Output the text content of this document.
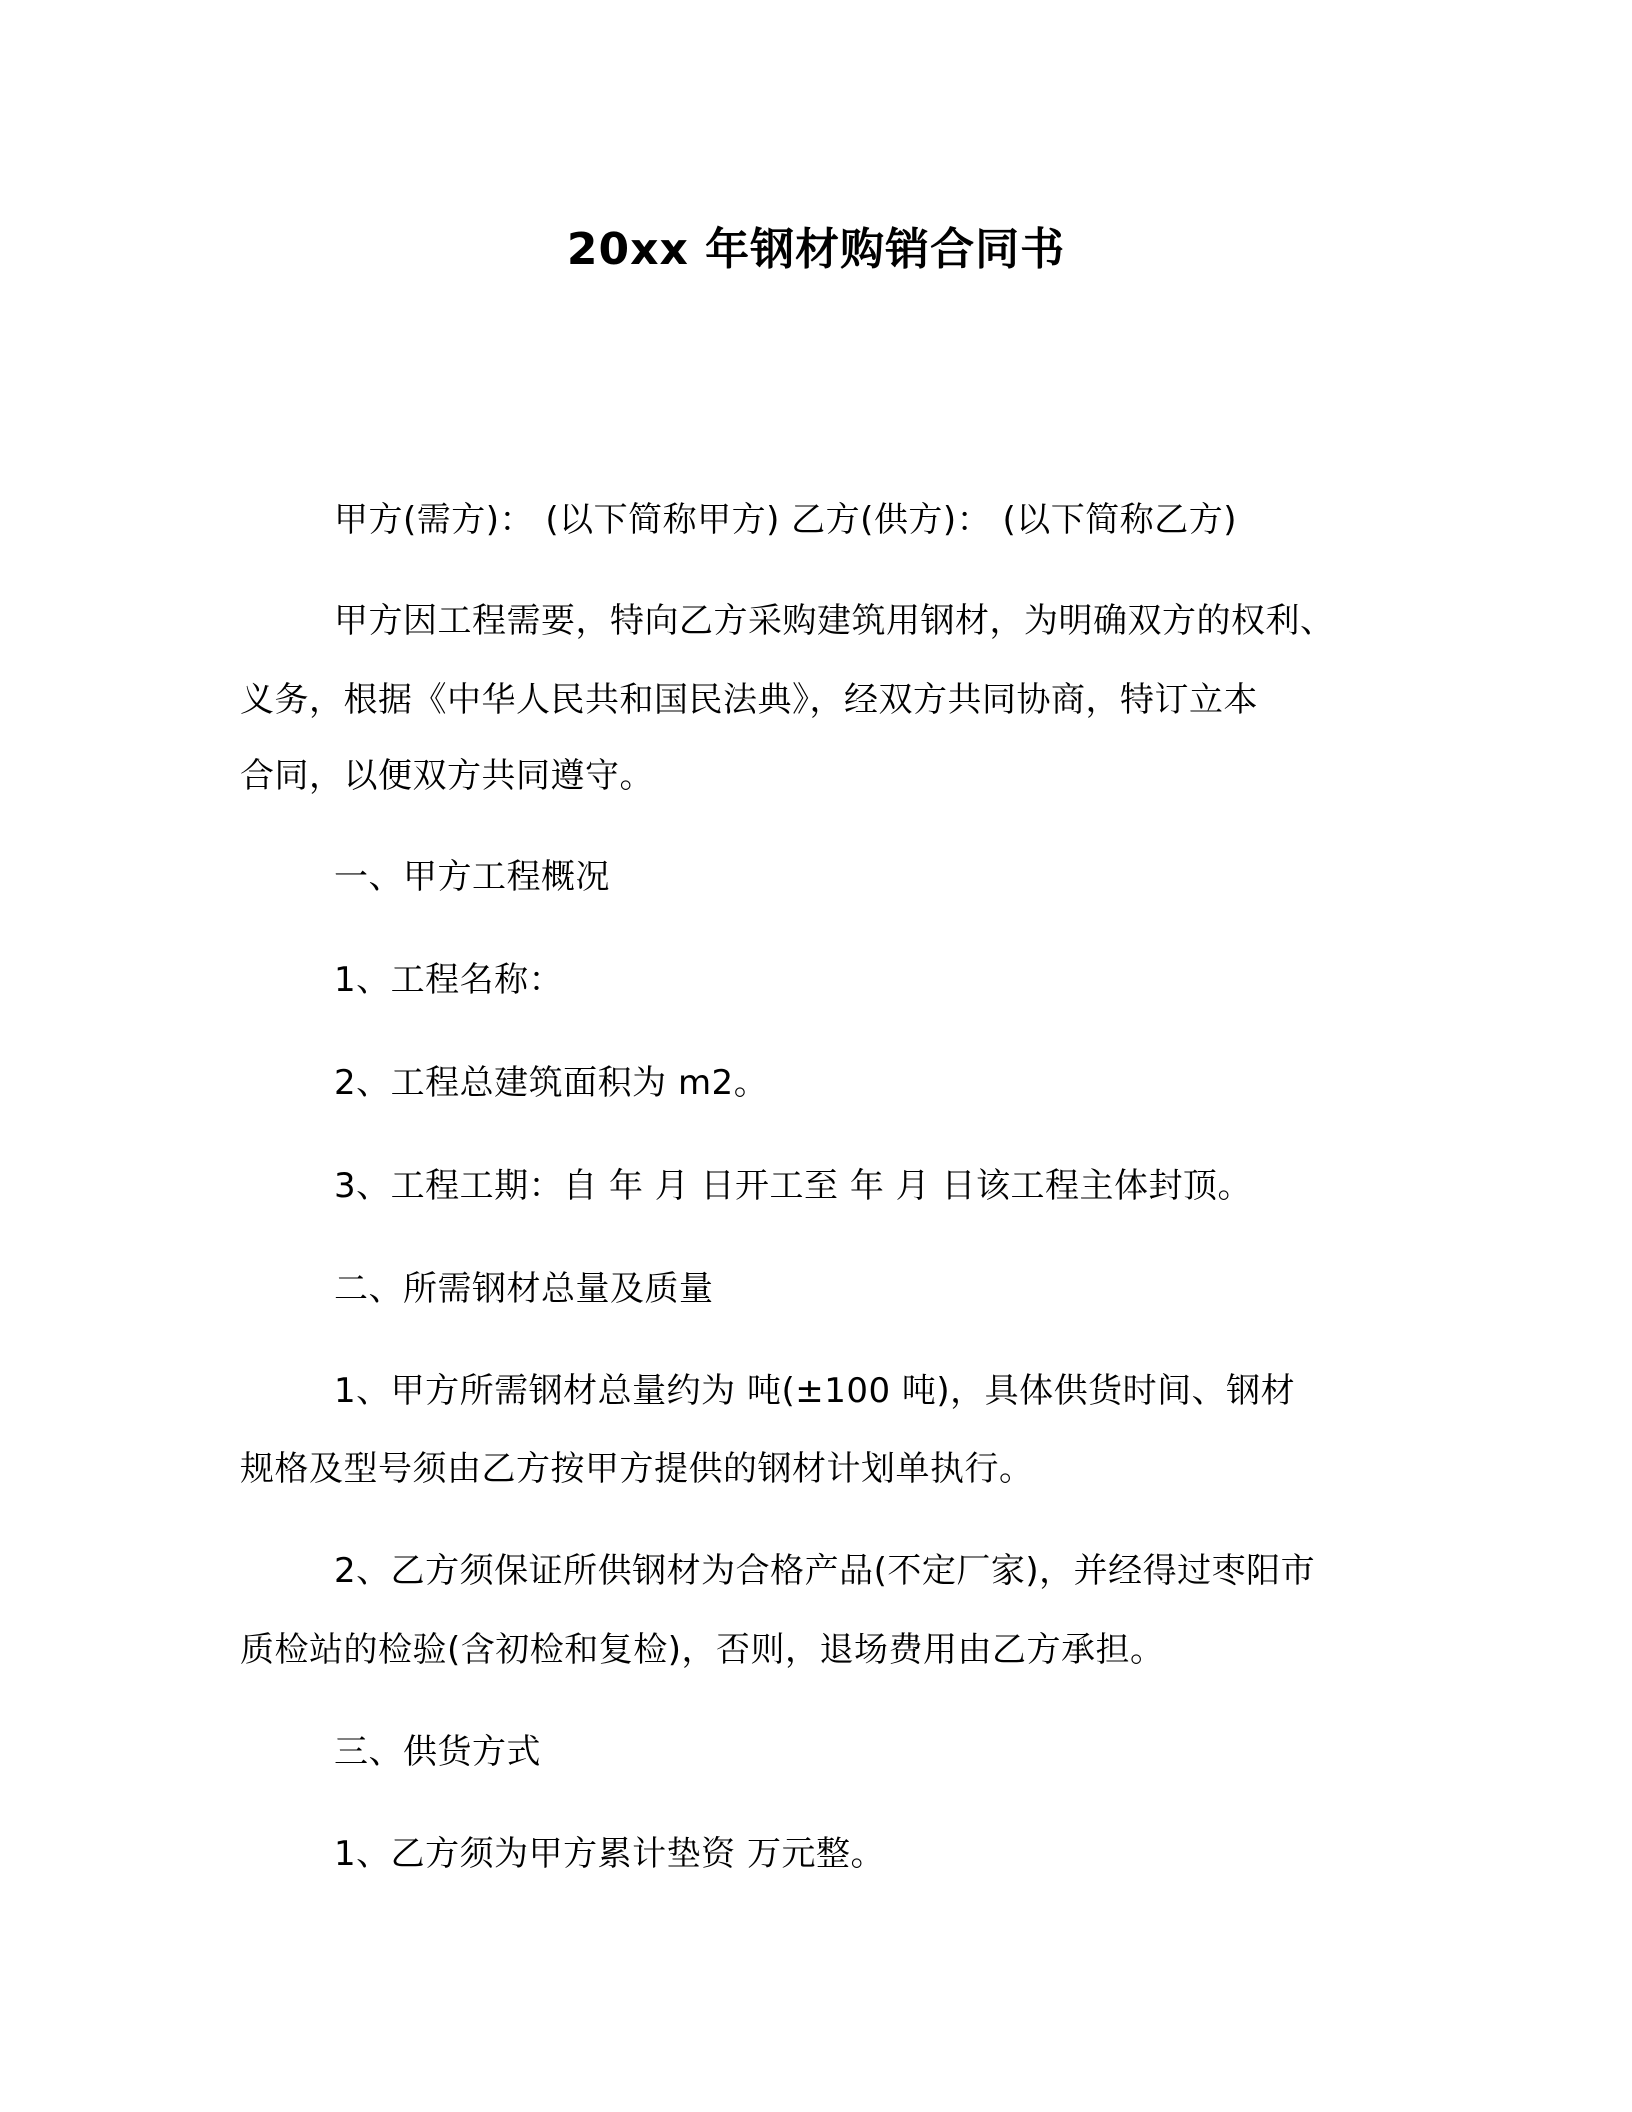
20xx 年钢材购销合同书
甲方(需方)： (以下简称甲方) 乙方(供方)： (以下简称乙方)
甲方因工程需要，特向乙方采购建筑用钢材，为明确双方的权利、
义务，根据《中华人民共和国民法典》，经双方共同协商，特订立本
合同，以便双方共同遵守。
一、甲方工程概况
1、工程名称：
2、工程总建筑面积为 m2。
3、工程工期：自 年 月 日开工至 年 月 日该工程主体封顶。
二、所需钢材总量及质量
1、甲方所需钢材总量约为 吨(±100 吨)，具体供货时间、钢材
规格及型号须由乙方按甲方提供的钢材计划单执行。
2、乙方须保证所供钢材为合格产品(不定厂家)，并经得过枣阳市
质检站的检验(含初检和复检)，否则，退场费用由乙方承担。
三、供货方式
1、乙方须为甲方累计垫资 万元整。
